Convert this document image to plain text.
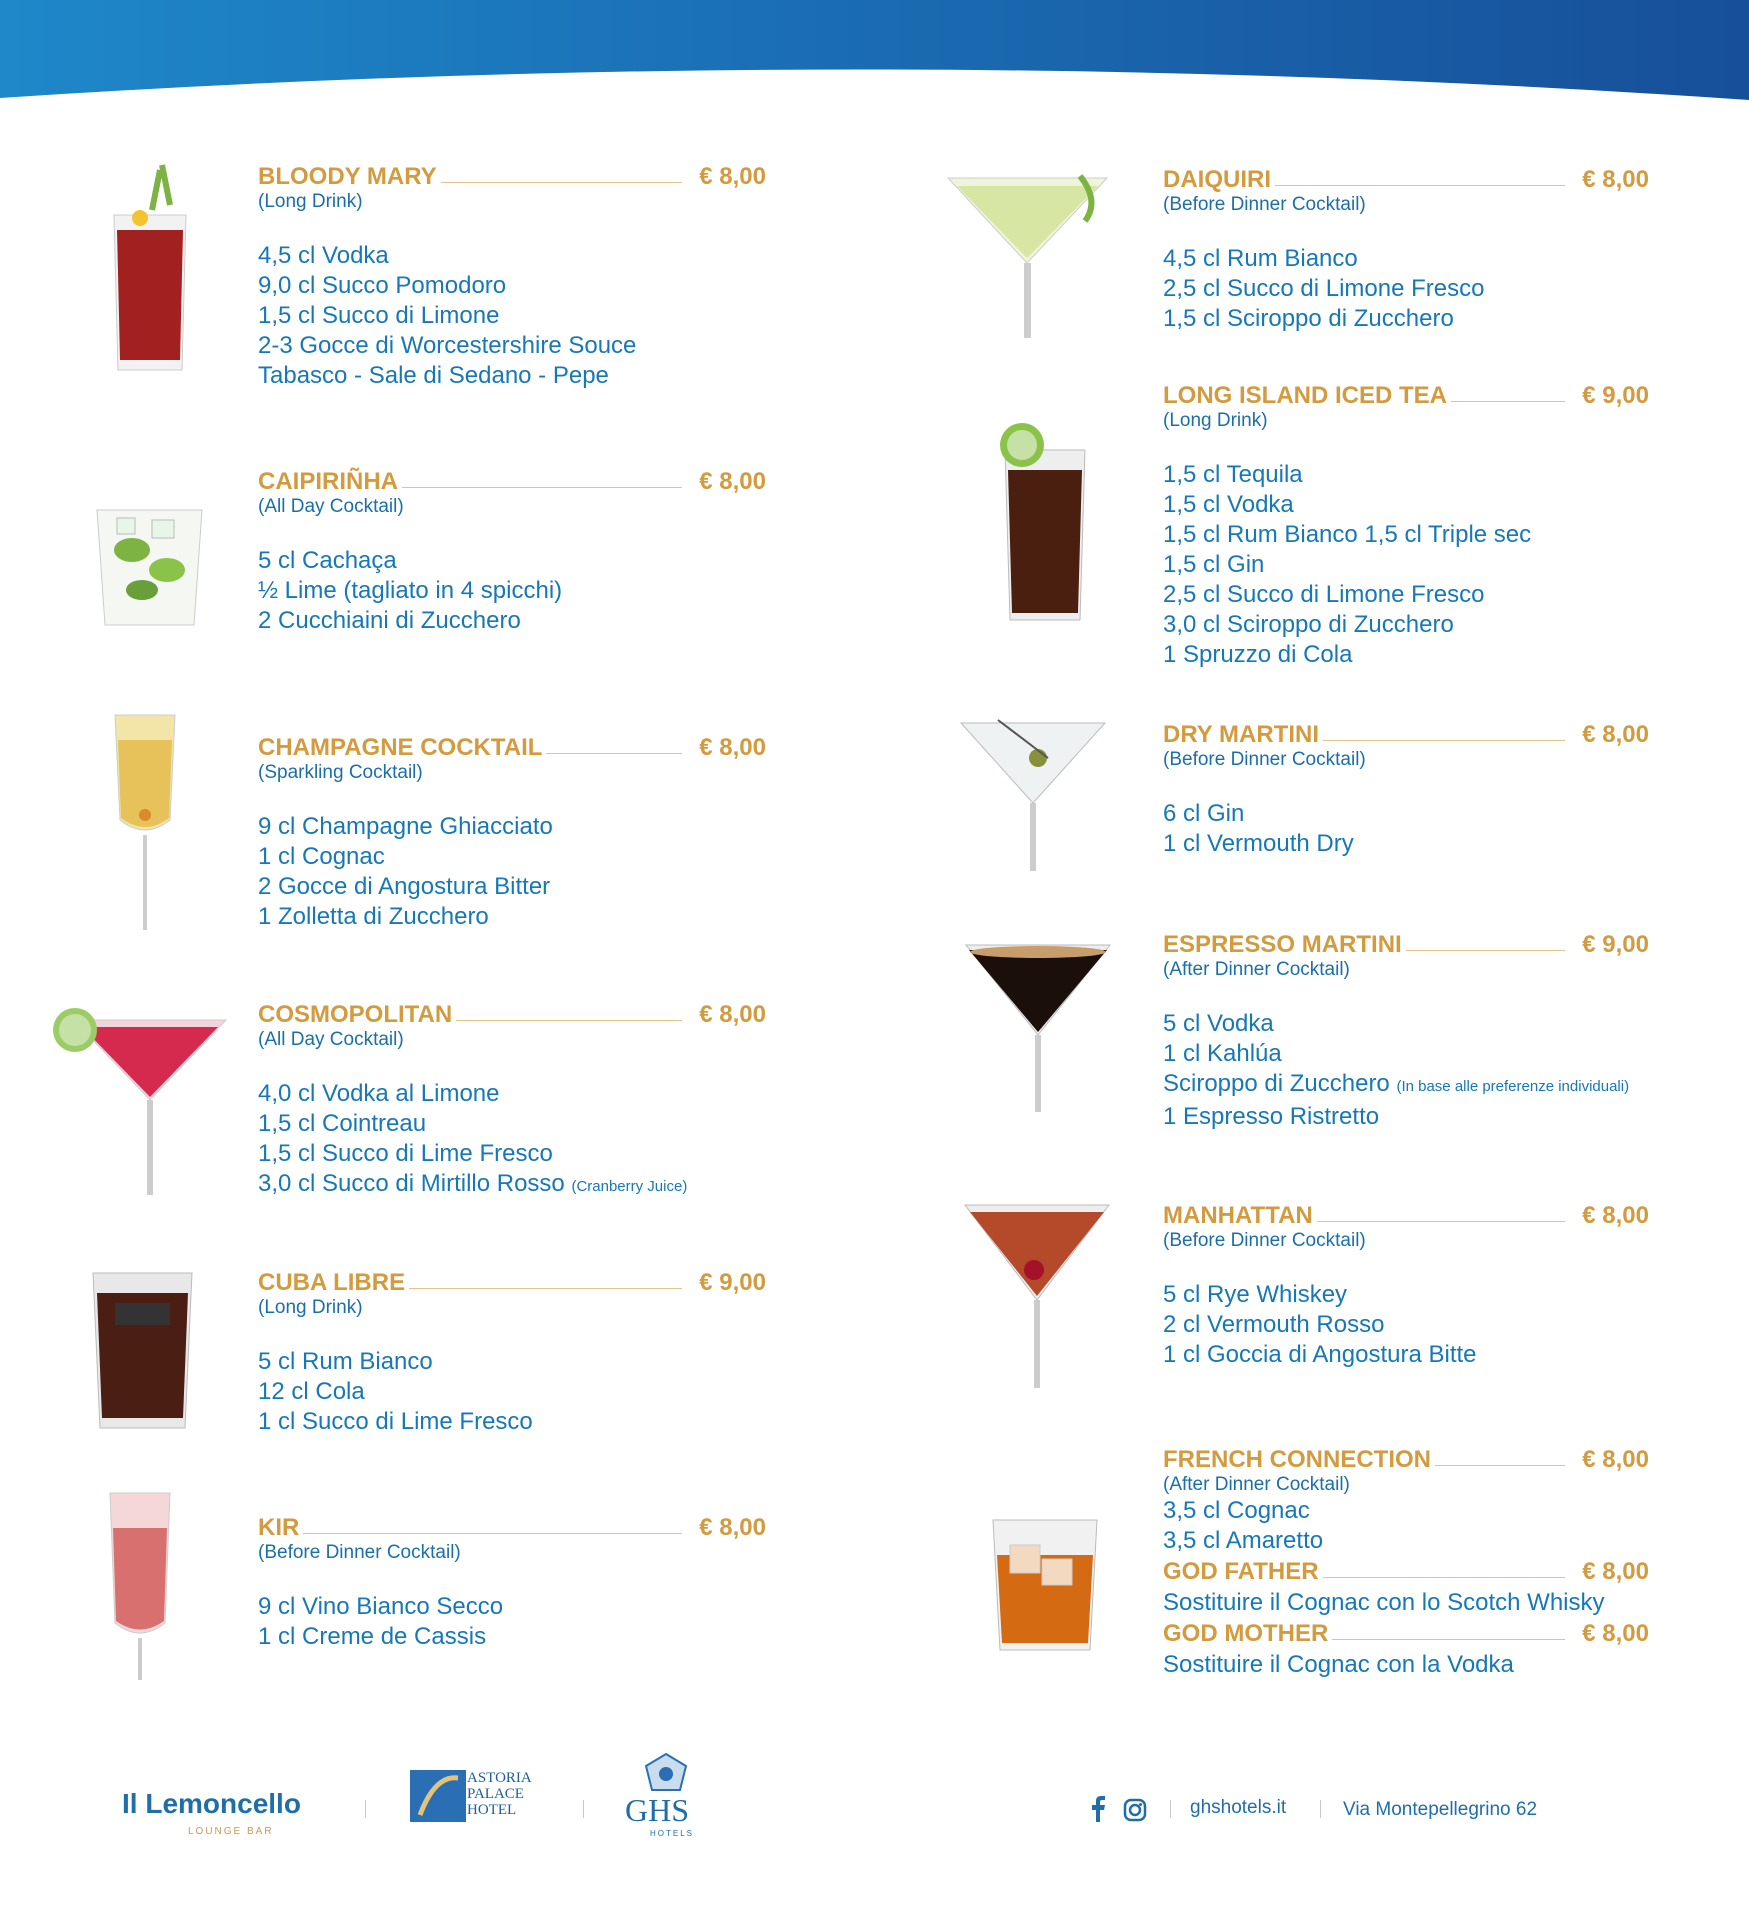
BLOODY MARY	€ 8,00
(Long Drink)
4,5 cl Vodka
9,0 cl Succo Pomodoro
1,5 cl Succo di Limone
2-3 Gocce di Worcestershire Souce
Tabasco - Sale di Sedano - Pepe
CAIPIRIÑHA	€ 8,00
(All Day Cocktail)
5 cl Cachaça
½ Lime (tagliato in 4 spicchi)
2 Cucchiaini di Zucchero
CHAMPAGNE COCKTAIL	€ 8,00
(Sparkling Cocktail)
9 cl Champagne Ghiacciato
1 cl Cognac
2 Gocce di Angostura Bitter
1 Zolletta di Zucchero
COSMOPOLITAN	€ 8,00
(All Day Cocktail)
4,0 cl Vodka al Limone
1,5 cl Cointreau
1,5 cl Succo di Lime Fresco
3,0 cl Succo di Mirtillo Rosso (Cranberry Juice)
CUBA LIBRE	€ 9,00
(Long Drink)
5 cl Rum Bianco
12 cl Cola
1 cl Succo di Lime Fresco
KIR	€ 8,00
(Before Dinner Cocktail)
9 cl Vino Bianco Secco
1 cl Creme de Cassis
DAIQUIRI	€ 8,00
(Before Dinner Cocktail)
4,5 cl Rum Bianco
2,5 cl Succo di Limone Fresco
1,5 cl Sciroppo di Zucchero
LONG ISLAND ICED TEA	€ 9,00
(Long Drink)
1,5 cl Tequila
1,5 cl Vodka
1,5 cl Rum Bianco 1,5 cl Triple sec
1,5 cl Gin
2,5 cl Succo di Limone Fresco
3,0 cl Sciroppo di Zucchero
1 Spruzzo di Cola
DRY MARTINI	€ 8,00
(Before Dinner Cocktail)
6 cl Gin
1 cl Vermouth Dry
ESPRESSO MARTINI	€ 9,00
(After Dinner Cocktail)
5 cl Vodka
1 cl Kahlúa
Sciroppo di Zucchero (In base alle preferenze individuali)
1 Espresso Ristretto
MANHATTAN	€ 8,00
(Before Dinner Cocktail)
5 cl Rye Whiskey
2 cl Vermouth Rosso
1 cl Goccia di Angostura Bitte
FRENCH CONNECTION	€ 8,00
(After Dinner Cocktail)
3,5 cl Cognac
3,5 cl Amaretto
GOD FATHER	€ 8,00
Sostituire il Cognac con lo Scotch Whisky
GOD MOTHER	€ 8,00
Sostituire il Cognac con la Vodka
Il Lemoncello
LOUNGE BAR
ASTORIA
PALACE
HOTEL	GHS
HOTELS
ghshotels.it	Via Montepellegrino 62
